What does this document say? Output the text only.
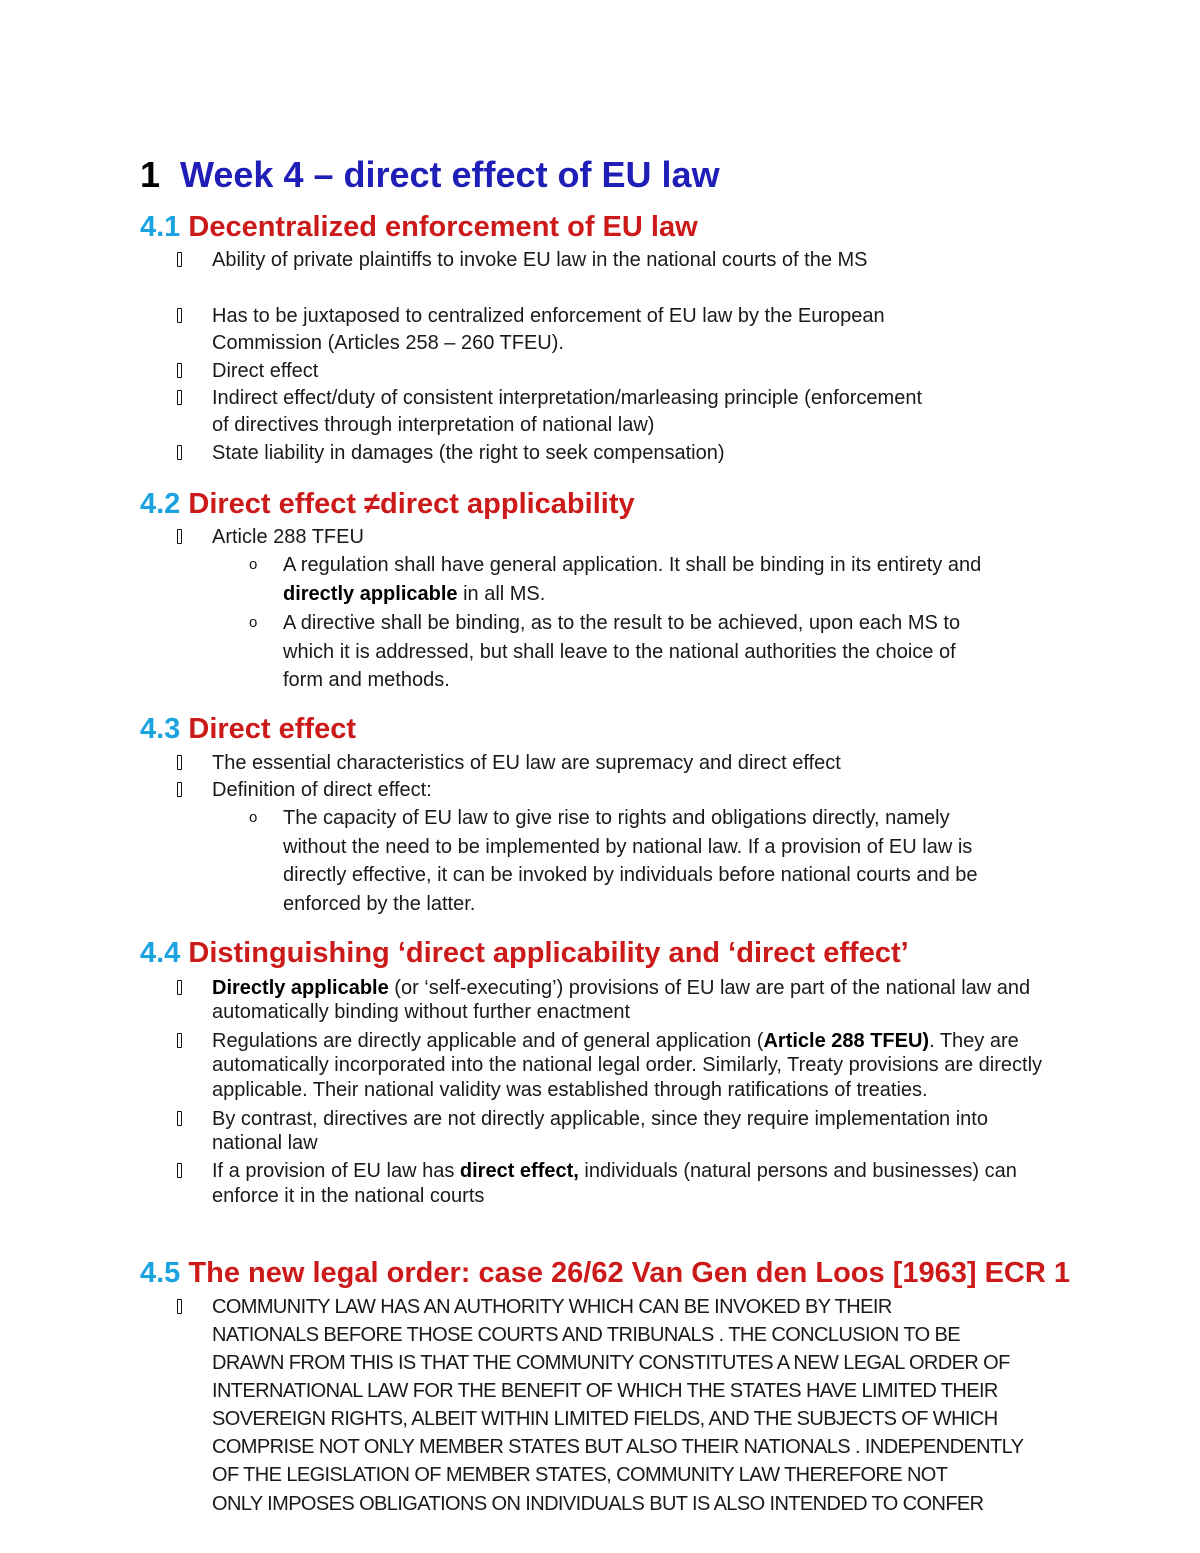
1 Week 4 – direct effect of EU law
4.1 Decentralized enforcement of EU law
Ability of private plaintiffs to invoke EU law in the national courts of the MS
Has to be juxtaposed to centralized enforcement of EU law by the European
Commission (Articles 258 – 260 TFEU).
Direct effect
Indirect effect/duty of consistent interpretation/marleasing principle (enforcement
of directives through interpretation of national law)
State liability in damages (the right to seek compensation)
4.2 Direct effect ≠direct applicability
Article 288 TFEU
o A regulation shall have general application. It shall be binding in its entirety and
directly applicable in all MS.
o A directive shall be binding, as to the result to be achieved, upon each MS to
which it is addressed, but shall leave to the national authorities the choice of
form and methods.
4.3 Direct effect
The essential characteristics of EU law are supremacy and direct effect
Definition of direct effect:
o The capacity of EU law to give rise to rights and obligations directly, namely
without the need to be implemented by national law. If a provision of EU law is
directly effective, it can be invoked by individuals before national courts and be
enforced by the latter.
4.4 Distinguishing ‘direct applicability and ‘direct effect’
Directly applicable (or ‘self-executing’) provisions of EU law are part of the national law and
automatically binding without further enactment
Regulations are directly applicable and of general application (Article 288 TFEU). They are
automatically incorporated into the national legal order. Similarly, Treaty provisions are directly
applicable. Their national validity was established through ratifications of treaties.
By contrast, directives are not directly applicable, since they require implementation into
national law
If a provision of EU law has direct effect, individuals (natural persons and businesses) can
enforce it in the national courts
4.5 The new legal order: case 26/62 Van Gen den Loos [1963] ECR 1
COMMUNITY LAW HAS AN AUTHORITY WHICH CAN BE INVOKED BY THEIR
NATIONALS BEFORE THOSE COURTS AND TRIBUNALS . THE CONCLUSION TO BE
DRAWN FROM THIS IS THAT THE COMMUNITY CONSTITUTES A NEW LEGAL ORDER OF
INTERNATIONAL LAW FOR THE BENEFIT OF WHICH THE STATES HAVE LIMITED THEIR
SOVEREIGN RIGHTS, ALBEIT WITHIN LIMITED FIELDS, AND THE SUBJECTS OF WHICH
COMPRISE NOT ONLY MEMBER STATES BUT ALSO THEIR NATIONALS . INDEPENDENTLY
OF THE LEGISLATION OF MEMBER STATES, COMMUNITY LAW THEREFORE NOT
ONLY IMPOSES OBLIGATIONS ON INDIVIDUALS BUT IS ALSO INTENDED TO CONFER
